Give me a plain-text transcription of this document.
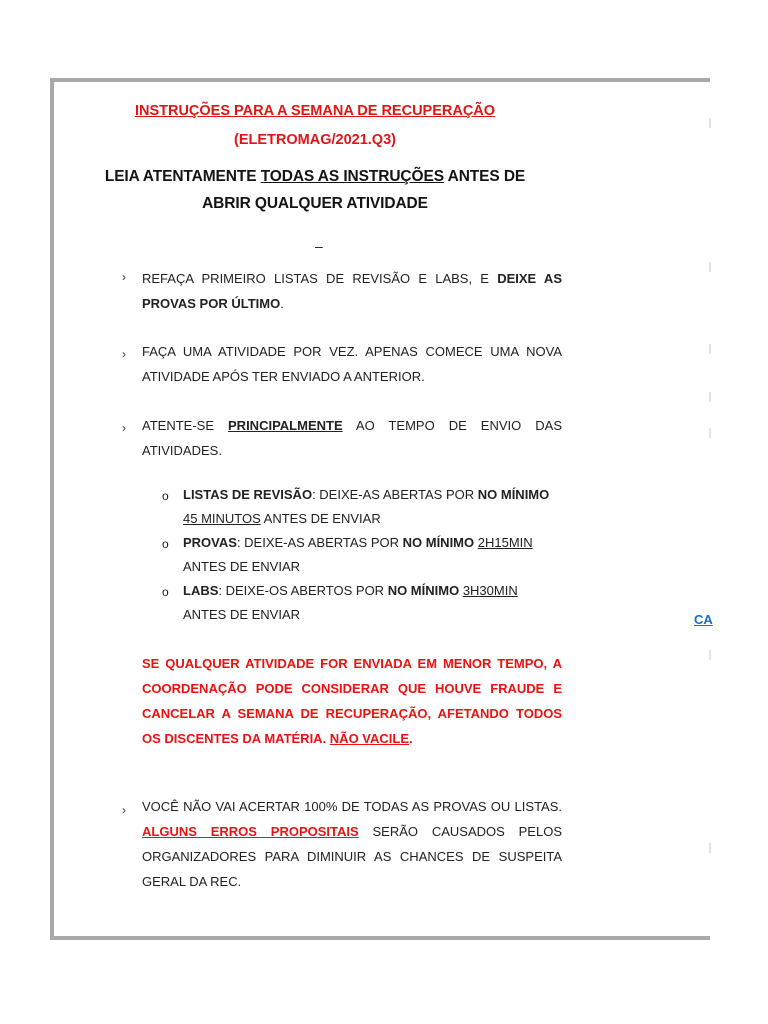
CA
INSTRUÇÕES PARA A SEMANA DE RECUPERAÇÃO
(ELETROMAG/2021.Q3)
LEIA ATENTAMENTE TODAS AS INSTRUÇÕES ANTES DE
ABRIR QUALQUER ATIVIDADE
–
› REFAÇA PRIMEIRO LISTAS DE REVISÃO E LABS, E DEIXE AS PROVAS POR ÚLTIMO.
› FAÇA UMA ATIVIDADE POR VEZ. APENAS COMECE UMA NOVA ATIVIDADE APÓS TER ENVIADO A ANTERIOR.
› ATENTE-SE PRINCIPALMENTE AO TEMPO DE ENVIO DAS ATIVIDADES.
o LISTAS DE REVISÃO: DEIXE-AS ABERTAS POR NO MÍNIMO
45 MINUTOS ANTES DE ENVIAR
o PROVAS: DEIXE-AS ABERTAS POR NO MÍNIMO 2H15MIN
ANTES DE ENVIAR
o LABS: DEIXE-OS ABERTOS POR NO MÍNIMO 3H30MIN
ANTES DE ENVIAR
SE QUALQUER ATIVIDADE FOR ENVIADA EM MENOR TEMPO, A COORDENAÇÃO PODE CONSIDERAR QUE HOUVE FRAUDE E CANCELAR A SEMANA DE RECUPERAÇÃO, AFETANDO TODOS OS DISCENTES DA MATÉRIA. NÃO VACILE.
› VOCÊ NÃO VAI ACERTAR 100% DE TODAS AS PROVAS OU LISTAS. ALGUNS ERROS PROPOSITAIS SERÃO CAUSADOS PELOS ORGANIZADORES PARA DIMINUIR AS CHANCES DE SUSPEITA GERAL DA REC.
